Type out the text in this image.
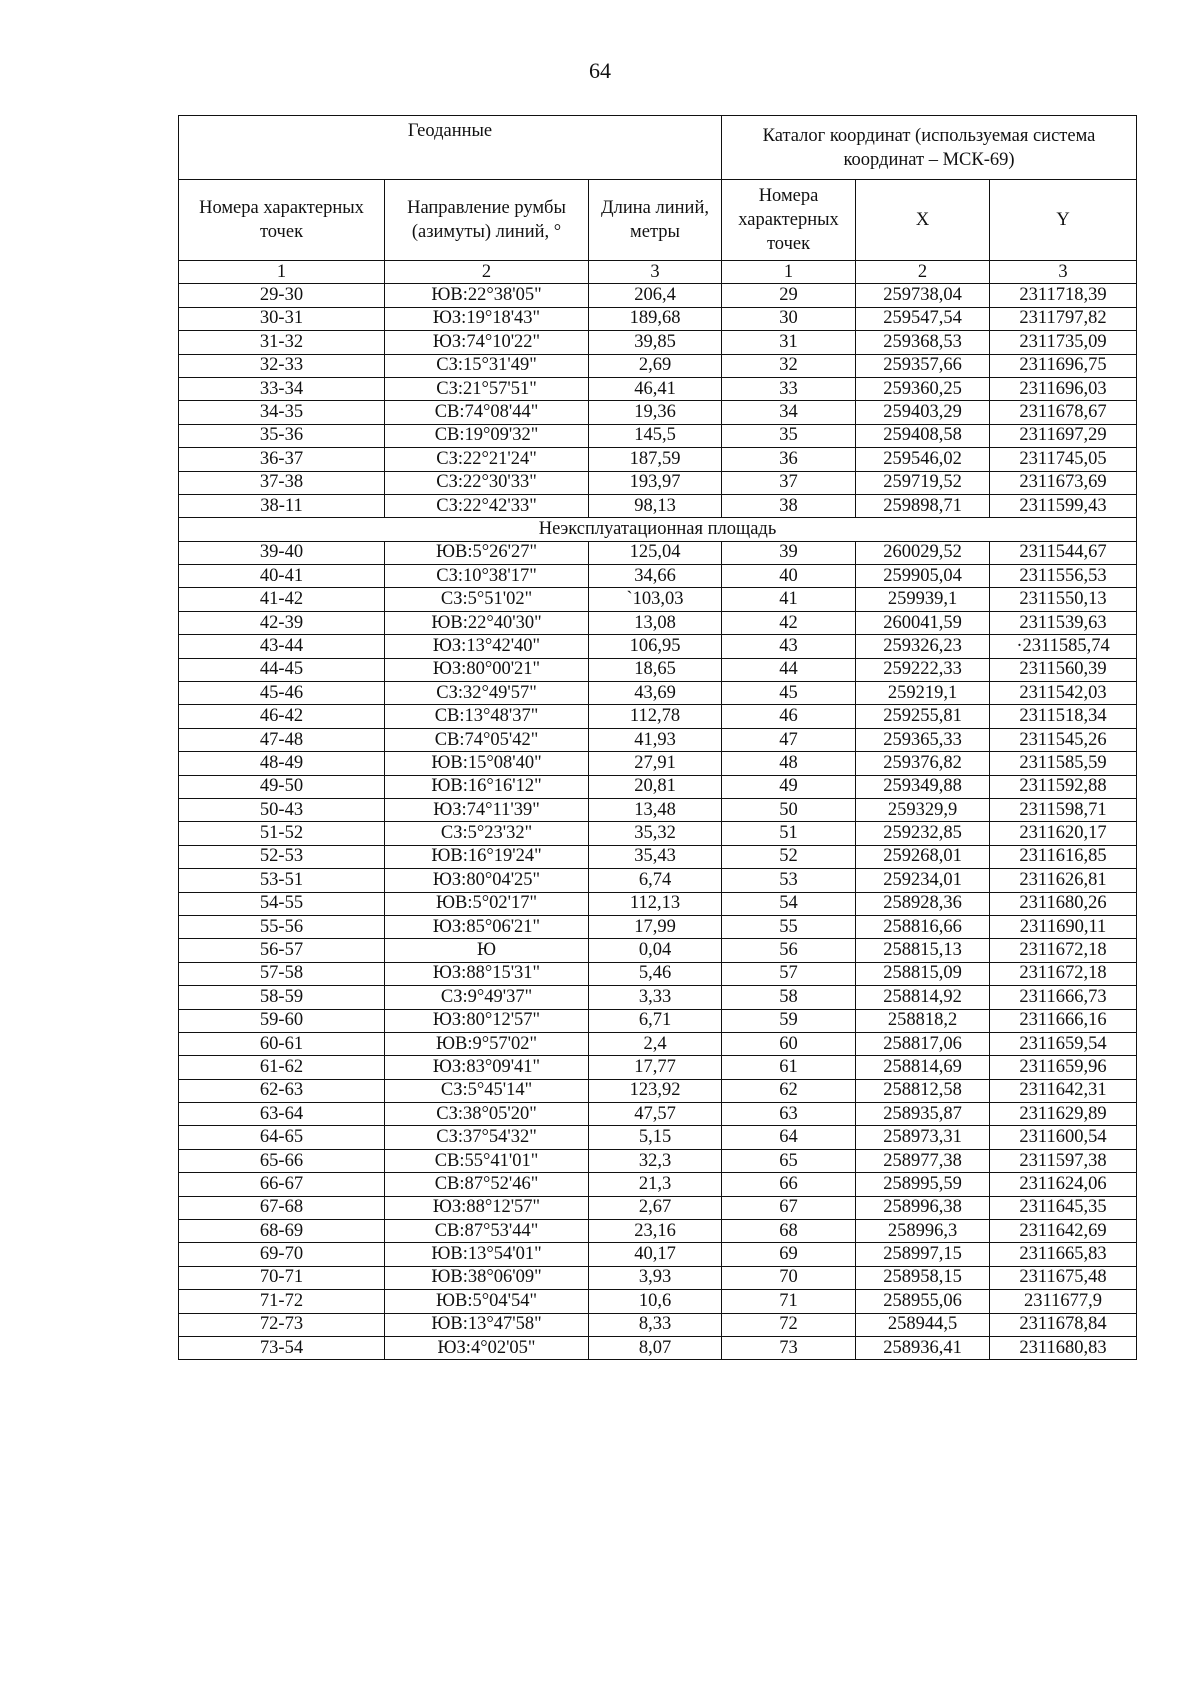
64
Геоданные			Каталог координат (используемая система координат – МСК-69)		
Номера характерных точек	Направление румбы (азимуты) линий, °	Длина линий, метры	Номера характерных точек	X	Y
1	2	3	1	2	3
29-30	ЮВ:22°38'05"	206,4	29	259738,04	2311718,39
30-31	ЮЗ:19°18'43"	189,68	30	259547,54	2311797,82
31-32	ЮЗ:74°10'22"	39,85	31	259368,53	2311735,09
32-33	СЗ:15°31'49"	2,69	32	259357,66	2311696,75
33-34	СЗ:21°57'51"	46,41	33	259360,25	2311696,03
34-35	СВ:74°08'44"	19,36	34	259403,29	2311678,67
35-36	СВ:19°09'32"	145,5	35	259408,58	2311697,29
36-37	СЗ:22°21'24"	187,59	36	259546,02	2311745,05
37-38	СЗ:22°30'33"	193,97	37	259719,52	2311673,69
38-11	СЗ:22°42'33"	98,13	38	259898,71	2311599,43
Неэксплуатационная площадь					
39-40	ЮВ:5°26'27"	125,04	39	260029,52	2311544,67
40-41	СЗ:10°38'17"	34,66	40	259905,04	2311556,53
41-42	СЗ:5°51'02"	`103,03	41	259939,1	2311550,13
42-39	ЮВ:22°40'30"	13,08	42	260041,59	2311539,63
43-44	ЮЗ:13°42'40"	106,95	43	259326,23	·2311585,74
44-45	ЮЗ:80°00'21"	18,65	44	259222,33	2311560,39
45-46	СЗ:32°49'57"	43,69	45	259219,1	2311542,03
46-42	СВ:13°48'37"	112,78	46	259255,81	2311518,34
47-48	СВ:74°05'42"	41,93	47	259365,33	2311545,26
48-49	ЮВ:15°08'40"	27,91	48	259376,82	2311585,59
49-50	ЮВ:16°16'12"	20,81	49	259349,88	2311592,88
50-43	ЮЗ:74°11'39"	13,48	50	259329,9	2311598,71
51-52	СЗ:5°23'32"	35,32	51	259232,85	2311620,17
52-53	ЮВ:16°19'24"	35,43	52	259268,01	2311616,85
53-51	ЮЗ:80°04'25"	6,74	53	259234,01	2311626,81
54-55	ЮВ:5°02'17"	112,13	54	258928,36	2311680,26
55-56	ЮЗ:85°06'21"	17,99	55	258816,66	2311690,11
56-57	Ю	0,04	56	258815,13	2311672,18
57-58	ЮЗ:88°15'31"	5,46	57	258815,09	2311672,18
58-59	СЗ:9°49'37"	3,33	58	258814,92	2311666,73
59-60	ЮЗ:80°12'57"	6,71	59	258818,2	2311666,16
60-61	ЮВ:9°57'02"	2,4	60	258817,06	2311659,54
61-62	ЮЗ:83°09'41"	17,77	61	258814,69	2311659,96
62-63	СЗ:5°45'14"	123,92	62	258812,58	2311642,31
63-64	СЗ:38°05'20"	47,57	63	258935,87	2311629,89
64-65	СЗ:37°54'32"	5,15	64	258973,31	2311600,54
65-66	СВ:55°41'01"	32,3	65	258977,38	2311597,38
66-67	СВ:87°52'46"	21,3	66	258995,59	2311624,06
67-68	ЮЗ:88°12'57"	2,67	67	258996,38	2311645,35
68-69	СВ:87°53'44"	23,16	68	258996,3	2311642,69
69-70	ЮВ:13°54'01"	40,17	69	258997,15	2311665,83
70-71	ЮВ:38°06'09"	3,93	70	258958,15	2311675,48
71-72	ЮВ:5°04'54"	10,6	71	258955,06	2311677,9
72-73	ЮВ:13°47'58"	8,33	72	258944,5	2311678,84
73-54	ЮЗ:4°02'05"	8,07	73	258936,41	2311680,83
